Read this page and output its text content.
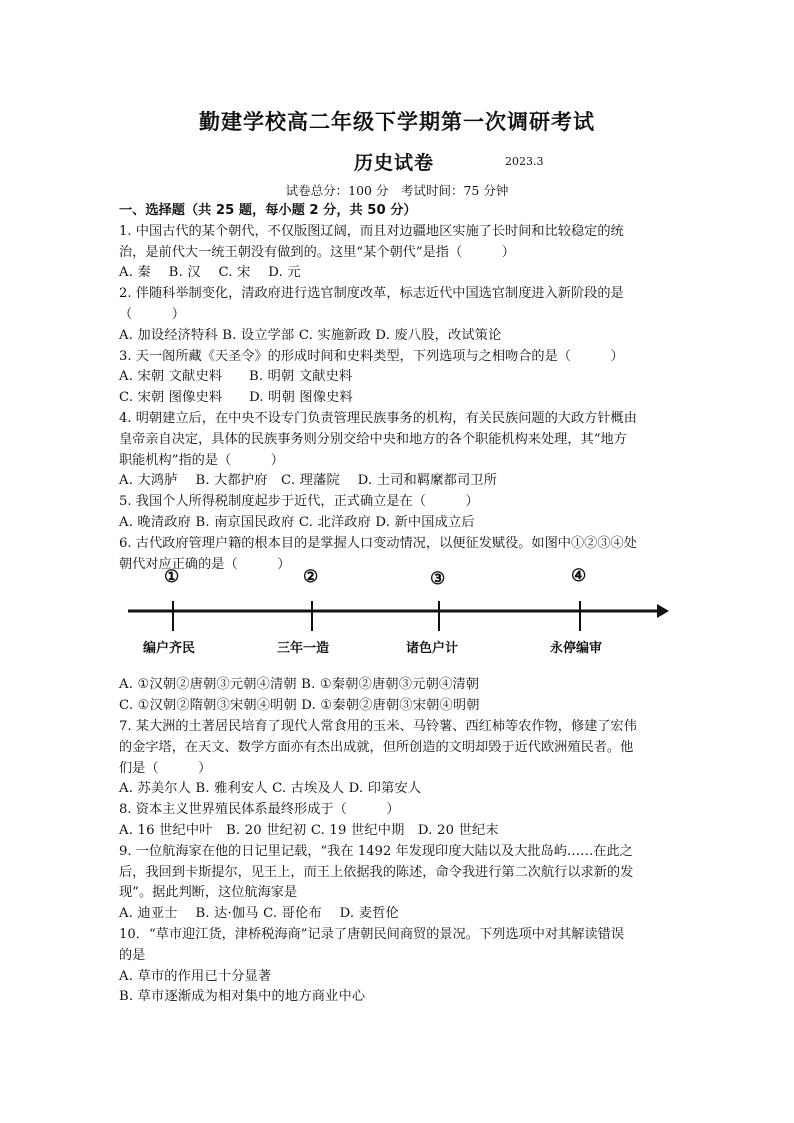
勤建学校高二年级下学期第一次调研考试
历史试卷	2023.3
试卷总分：100 分　考试时间：75 分钟
一、选择题（共 25 题，每小题 2 分，共 50 分）
1. 中国古代的某个朝代，不仅版图辽阔，而且对边疆地区实施了长时间和比较稳定的统
治，是前代大一统王朝没有做到的。这里“某个朝代”是指（　　　）
A. 秦　 B. 汉　 C. 宋　 D. 元
2. 伴随科举制变化，清政府进行选官制度改革，标志近代中国选官制度进入新阶段的是
（　　　）
A. 加设经济特科 B. 设立学部 C. 实施新政 D. 废八股，改试策论
3. 天一阁所藏《天圣令》的形成时间和史料类型，下列选项与之相吻合的是（　　　）
A. 宋朝 文献史料　　B. 明朝 文献史料
C. 宋朝 图像史料　　D. 明朝 图像史料
4. 明朝建立后，在中央不设专门负责管理民族事务的机构，有关民族问题的大政方针概由
皇帝亲自决定，具体的民族事务则分别交给中央和地方的各个职能机构来处理，其“地方
职能机构”指的是（　　　）
A. 大鸿胪　 B. 大都护府　C. 理藩院　 D. 土司和羁縻都司卫所
5. 我国个人所得税制度起步于近代，正式确立是在（　　　）
A. 晚清政府 B. 南京国民政府 C. 北洋政府 D. 新中国成立后
6. 古代政府管理户籍的根本目的是掌握人口变动情况，以便征发赋役。如图中①②③④处
朝代对应正确的是（　　　）
①	②	③	④
编户齐民	三年一造	诸色户计	永停编审
A. ①汉朝②唐朝③元朝④清朝 B. ①秦朝②唐朝③元朝④清朝
C. ①汉朝②隋朝③宋朝④明朝 D. ①秦朝②唐朝③宋朝④明朝
7. 某大洲的土著居民培育了现代人常食用的玉米、马铃薯、西红柿等农作物，修建了宏伟
的金字塔，在天文、数学方面亦有杰出成就，但所创造的文明却毁于近代欧洲殖民者。他
们是（　　　）
A. 苏美尔人 B. 雅利安人 C. 古埃及人 D. 印第安人
8. 资本主义世界殖民体系最终形成于（　　　）
A. 16 世纪中叶　B. 20 世纪初 C. 19 世纪中期　D. 20 世纪末
9. 一位航海家在他的日记里记载，“我在 1492 年发现印度大陆以及大批岛屿……在此之
后，我回到卡斯提尔，见王上，而王上依据我的陈述，命令我进行第二次航行以求新的发
现”。据此判断，这位航海家是
A. 迪亚士　 B. 达·伽马 C. 哥伦布　 D. 麦哲伦
10．“草市迎江货，津桥税海商”记录了唐朝民间商贸的景况。下列选项中对其解读错误
的是
A. 草市的作用已十分显著
B. 草市逐渐成为相对集中的地方商业中心
